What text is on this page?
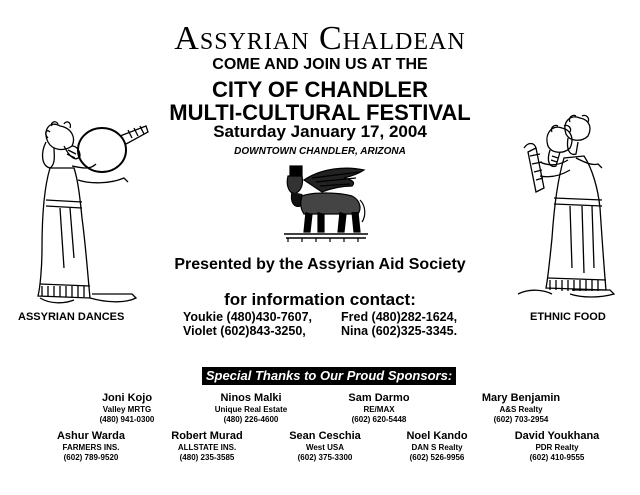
Assyrian Chaldean
COME AND JOIN US AT THE
CITY OF CHANDLER
MULTI-CULTURAL FESTIVAL
Saturday January 17, 2004
DOWNTOWN CHANDLER, ARIZONA
ASSYRIAN DANCES	ETHNIC FOOD
Presented by the Assyrian Aid Society
for information contact:
Youkie (480)430-7607, Fred (480)282-1624,
Violet (602)843-3250,	Nina (602)325-3345.
Special Thanks to Our Proud Sponsors:
Joni Kojo
Valley MRTG
(480) 941-0300
Ninos Malki
Unique Real Estate
(480) 226-4600
Sam Darmo
RE/MAX
(602) 620-5448
Mary Benjamin
A&S Realty
(602) 703-2954
Ashur Warda
FARMERS INS.
(602) 789-9520
Robert Murad
ALLSTATE INS.
(480) 235-3585
Sean Ceschia
West USA
(602) 375-3300
Noel Kando
DAN S Realty
(602) 526-9956
David Youkhana
PDR Realty
(602) 410-9555
